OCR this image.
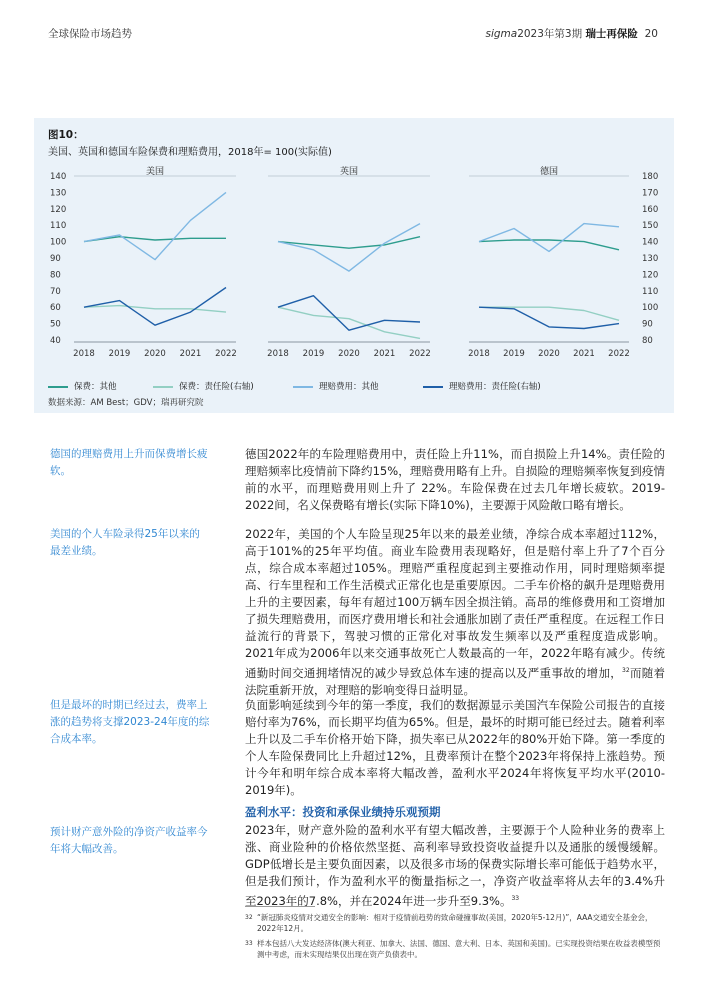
全球保险市场趋势	sigma2023年第3期 瑞士再保险 20
图10：
美国、英国和德国车险保费和理赔费用，2018年= 100(实际值)
美国
2018 2019 2020 2021 2022
40
50
60
70
80
90
100
110
120
130
140	英国
2018 2019 2020 2021 2022
德国
2018 2019 2020 2021 2022
80
90
100
110
120
130
140
150
160
170
180
保费：其他	保费：责任险(右轴)	理赔费用：其他	理赔费用：责任险(右轴)
数据来源：AM Best；GDV；瑞再研究院
德国的理赔费用上升而保费增长疲软。
美国的个人车险录得25年以来的最差业绩。
但是最坏的时期已经过去，费率上涨的趋势将支撑2023-24年度的综合成本率。
预计财产意外险的净资产收益率今年将大幅改善。
德国2022年的车险理赔费用中，责任险上升11%，而自损险上升14%。责任险的理赔频率比疫情前下降约15%，理赔费用略有上升。自损险的理赔频率恢复到疫情前的水平，而理赔费用则上升了 22%。车险保费在过去几年增长疲软。2019-2022间，名义保费略有增长(实际下降10%)，主要源于风险敞口略有增长。
2022年，美国的个人车险呈现25年以来的最差业绩，净综合成本率超过112%，高于101%的25年平均值。商业车险费用表现略好，但是赔付率上升了7个百分点，综合成本率超过105%。理赔严重程度起到主要推动作用，同时理赔频率提高、行车里程和工作生活模式正常化也是重要原因。二手车价格的飙升是理赔费用上升的主要因素，每年有超过100万辆车因全损注销。高昂的维修费用和工资增加了损失理赔费用，而医疗费用增长和社会通胀加剧了责任严重程度。在远程工作日益流行的背景下，驾驶习惯的正常化对事故发生频率以及严重程度造成影响。2021年成为2006年以来交通事故死亡人数最高的一年，2022年略有减少。传统通勤时间交通拥堵情况的减少导致总体车速的提高以及严重事故的增加，$^{32}$而随着法院重新开放，对理赔的影响变得日益明显。
负面影响延续到今年的第一季度，我们的数据源显示美国汽车保险公司报告的直接赔付率为76%，而长期平均值为65%。但是，最坏的时期可能已经过去。随着利率上升以及二手车价格开始下降，损失率已从2022年的80%开始下降。第一季度的个人车险保费同比上升超过12%，且费率预计在整个2023年将保持上涨趋势。预计今年和明年综合成本率将大幅改善，盈利水平2024年将恢复平均水平(2010-2019年)。
盈利水平：投资和承保业绩持乐观预期
2023年，财产意外险的盈利水平有望大幅改善，主要源于个人险种业务的费率上涨、商业险种的价格依然坚挺、高利率导致投资收益提升以及通胀的缓慢缓解。GDP低增长是主要负面因素，以及很多市场的保费实际增长率可能低于趋势水平，但是我们预计，作为盈利水平的衡量指标之一，净资产收益率将从去年的3.4%升至2023年的7.8%，并在2024年进一步升至9.3%。$^{33}$
32 “新冠肺炎疫情对交通安全的影响：相对于疫情前趋势的致命碰撞事故(美国，2020年5-12月)”，AAA交通安全基金会，2022年12月。
33 样本包括八大发达经济体(澳大利亚、加拿大、法国、德国、意大利、日本、英国和美国)。已实现投资结果在收益表模型预测中考虑，而未实现结果仅出现在资产负债表中。
